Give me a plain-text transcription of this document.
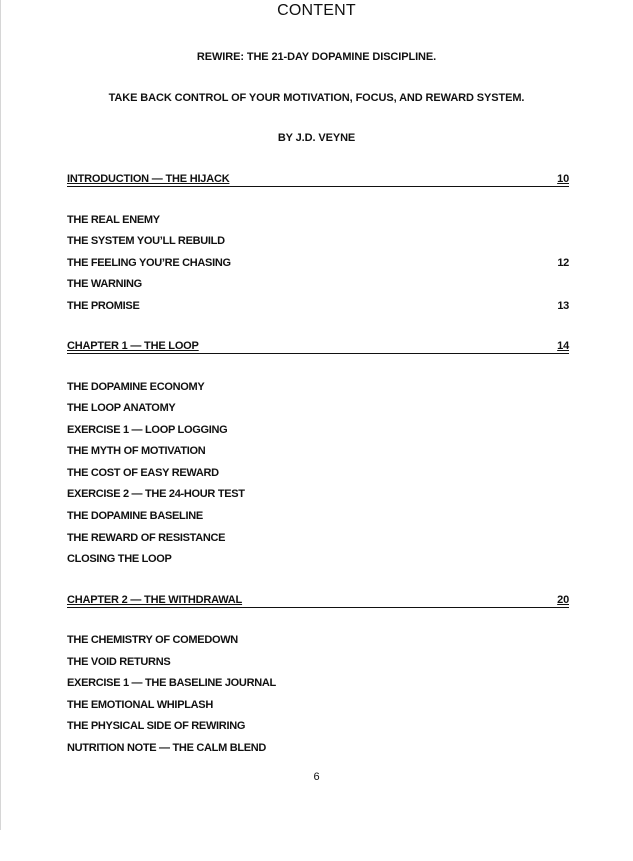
CONTENT
REWIRE: THE 21-DAY DOPAMINE DISCIPLINE.
TAKE BACK CONTROL OF YOUR MOTIVATION, FOCUS, AND REWARD SYSTEM.
BY J.D. VEYNE
INTRODUCTION — THE HIJACK	10
THE REAL ENEMY
THE SYSTEM YOU’LL REBUILD
THE FEELING YOU’RE CHASING	12
THE WARNING
THE PROMISE	13
CHAPTER 1 — THE LOOP	14
THE DOPAMINE ECONOMY
THE LOOP ANATOMY
EXERCISE 1 — LOOP LOGGING
THE MYTH OF MOTIVATION
THE COST OF EASY REWARD
EXERCISE 2 — THE 24-HOUR TEST
THE DOPAMINE BASELINE
THE REWARD OF RESISTANCE
CLOSING THE LOOP
CHAPTER 2 — THE WITHDRAWAL	20
THE CHEMISTRY OF COMEDOWN
THE VOID RETURNS
EXERCISE 1 — THE BASELINE JOURNAL
THE EMOTIONAL WHIPLASH
THE PHYSICAL SIDE OF REWIRING
NUTRITION NOTE — THE CALM BLEND
6
